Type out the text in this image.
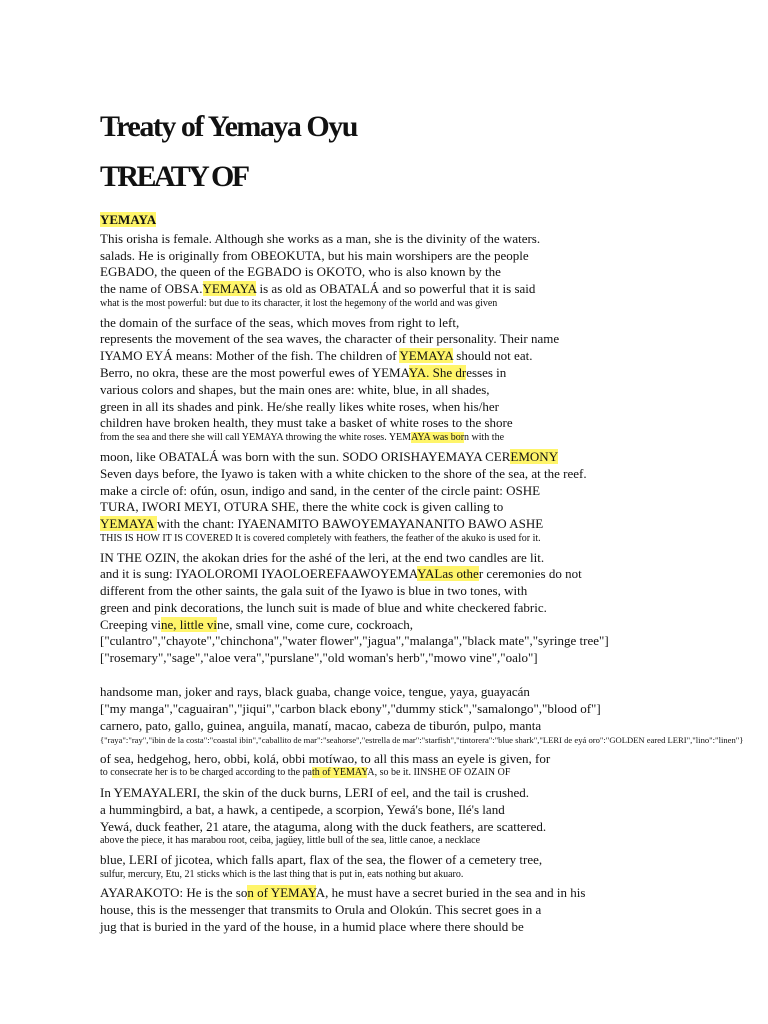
Treaty of Yemaya Oyu
TREATY OF
YEMAYA
This orisha is female. Although she works as a man, she is the divinity of the waters.
salads. He is originally from OBEOKUTA, but his main worshipers are the people
EGBADO, the queen of the EGBADO is OKOTO, who is also known by the
the name of OBSA.YEMAYA is as old as OBATALÁ and so powerful that it is said
what is the most powerful: but due to its character, it lost the hegemony of the world and was given
the domain of the surface of the seas, which moves from right to left,
represents the movement of the sea waves, the character of their personality. Their name
IYAMO EYÁ means: Mother of the fish. The children of YEMAYA should not eat.
Berro, no okra, these are the most powerful ewes of YEMAYA. She dresses in
various colors and shapes, but the main ones are: white, blue, in all shades,
green in all its shades and pink. He/she really likes white roses, when his/her
children have broken health, they must take a basket of white roses to the shore
from the sea and there she will call YEMAYA throwing the white roses. YEMAYA was born with the
moon, like OBATALÁ was born with the sun. SODO ORISHAYEMAYA CEREMONY
Seven days before, the Iyawo is taken with a white chicken to the shore of the sea, at the reef.
make a circle of: ofún, osun, indigo and sand, in the center of the circle paint: OSHE
TURA, IWORI MEYI, OTURA SHE, there the white cock is given calling to
YEMAYA with the chant: IYAENAMITO BAWOYEMAYANANITO BAWO ASHE
THIS IS HOW IT IS COVERED It is covered completely with feathers, the feather of the akuko is used for it.
IN THE OZIN, the akokan dries for the ashé of the leri, at the end two candles are lit.
and it is sung: IYAOLOROMI IYAOLOEREFAAWOYEMAYALas other ceremonies do not
different from the other saints, the gala suit of the Iyawo is blue in two tones, with
green and pink decorations, the lunch suit is made of blue and white checkered fabric.
Creeping vine, little vine, small vine, come cure, cockroach,
["culantro","chayote","chinchona","water flower","jagua","malanga","black mate","syringe tree"]
["rosemary","sage","aloe vera","purslane","old woman's herb","mowo vine","oalo"]
handsome man, joker and rays, black guaba, change voice, tengue, yaya, guayacán
["my manga","caguairan","jiqui","carbon black ebony","dummy stick","samalongo","blood of"]
carnero, pato, gallo, guinea, anguila, manatí, macao, cabeza de tiburón, pulpo, manta
{"raya":"ray","ibin de la costa":"coastal ibin","caballito de mar":"seahorse","estrella de mar":"starfish","tintorera":"blue shark","LERI de eyá oro":"GOLDEN eared LERI","lino":"linen"}
of sea, hedgehog, hero, obbi, kolá, obbi motíwao, to all this mass an eyele is given, for
to consecrate her is to be charged according to the path of YEMAYA, so be it. IINSHE OF OZAIN OF
In YEMAYALERI, the skin of the duck burns, LERI of eel, and the tail is crushed.
a hummingbird, a bat, a hawk, a centipede, a scorpion, Yewá's bone, Ilé's land
Yewá, duck feather, 21 atare, the ataguma, along with the duck feathers, are scattered.
above the piece, it has marabou root, ceiba, jagüey, little bull of the sea, little canoe, a necklace
blue, LERI of jicotea, which falls apart, flax of the sea, the flower of a cemetery tree,
sulfur, mercury, Etu, 21 sticks which is the last thing that is put in, eats nothing but akuaro.
AYARAKOTO: He is the son of YEMAYA, he must have a secret buried in the sea and in his
house, this is the messenger that transmits to Orula and Olokún. This secret goes in a
jug that is buried in the yard of the house, in a humid place where there should be
